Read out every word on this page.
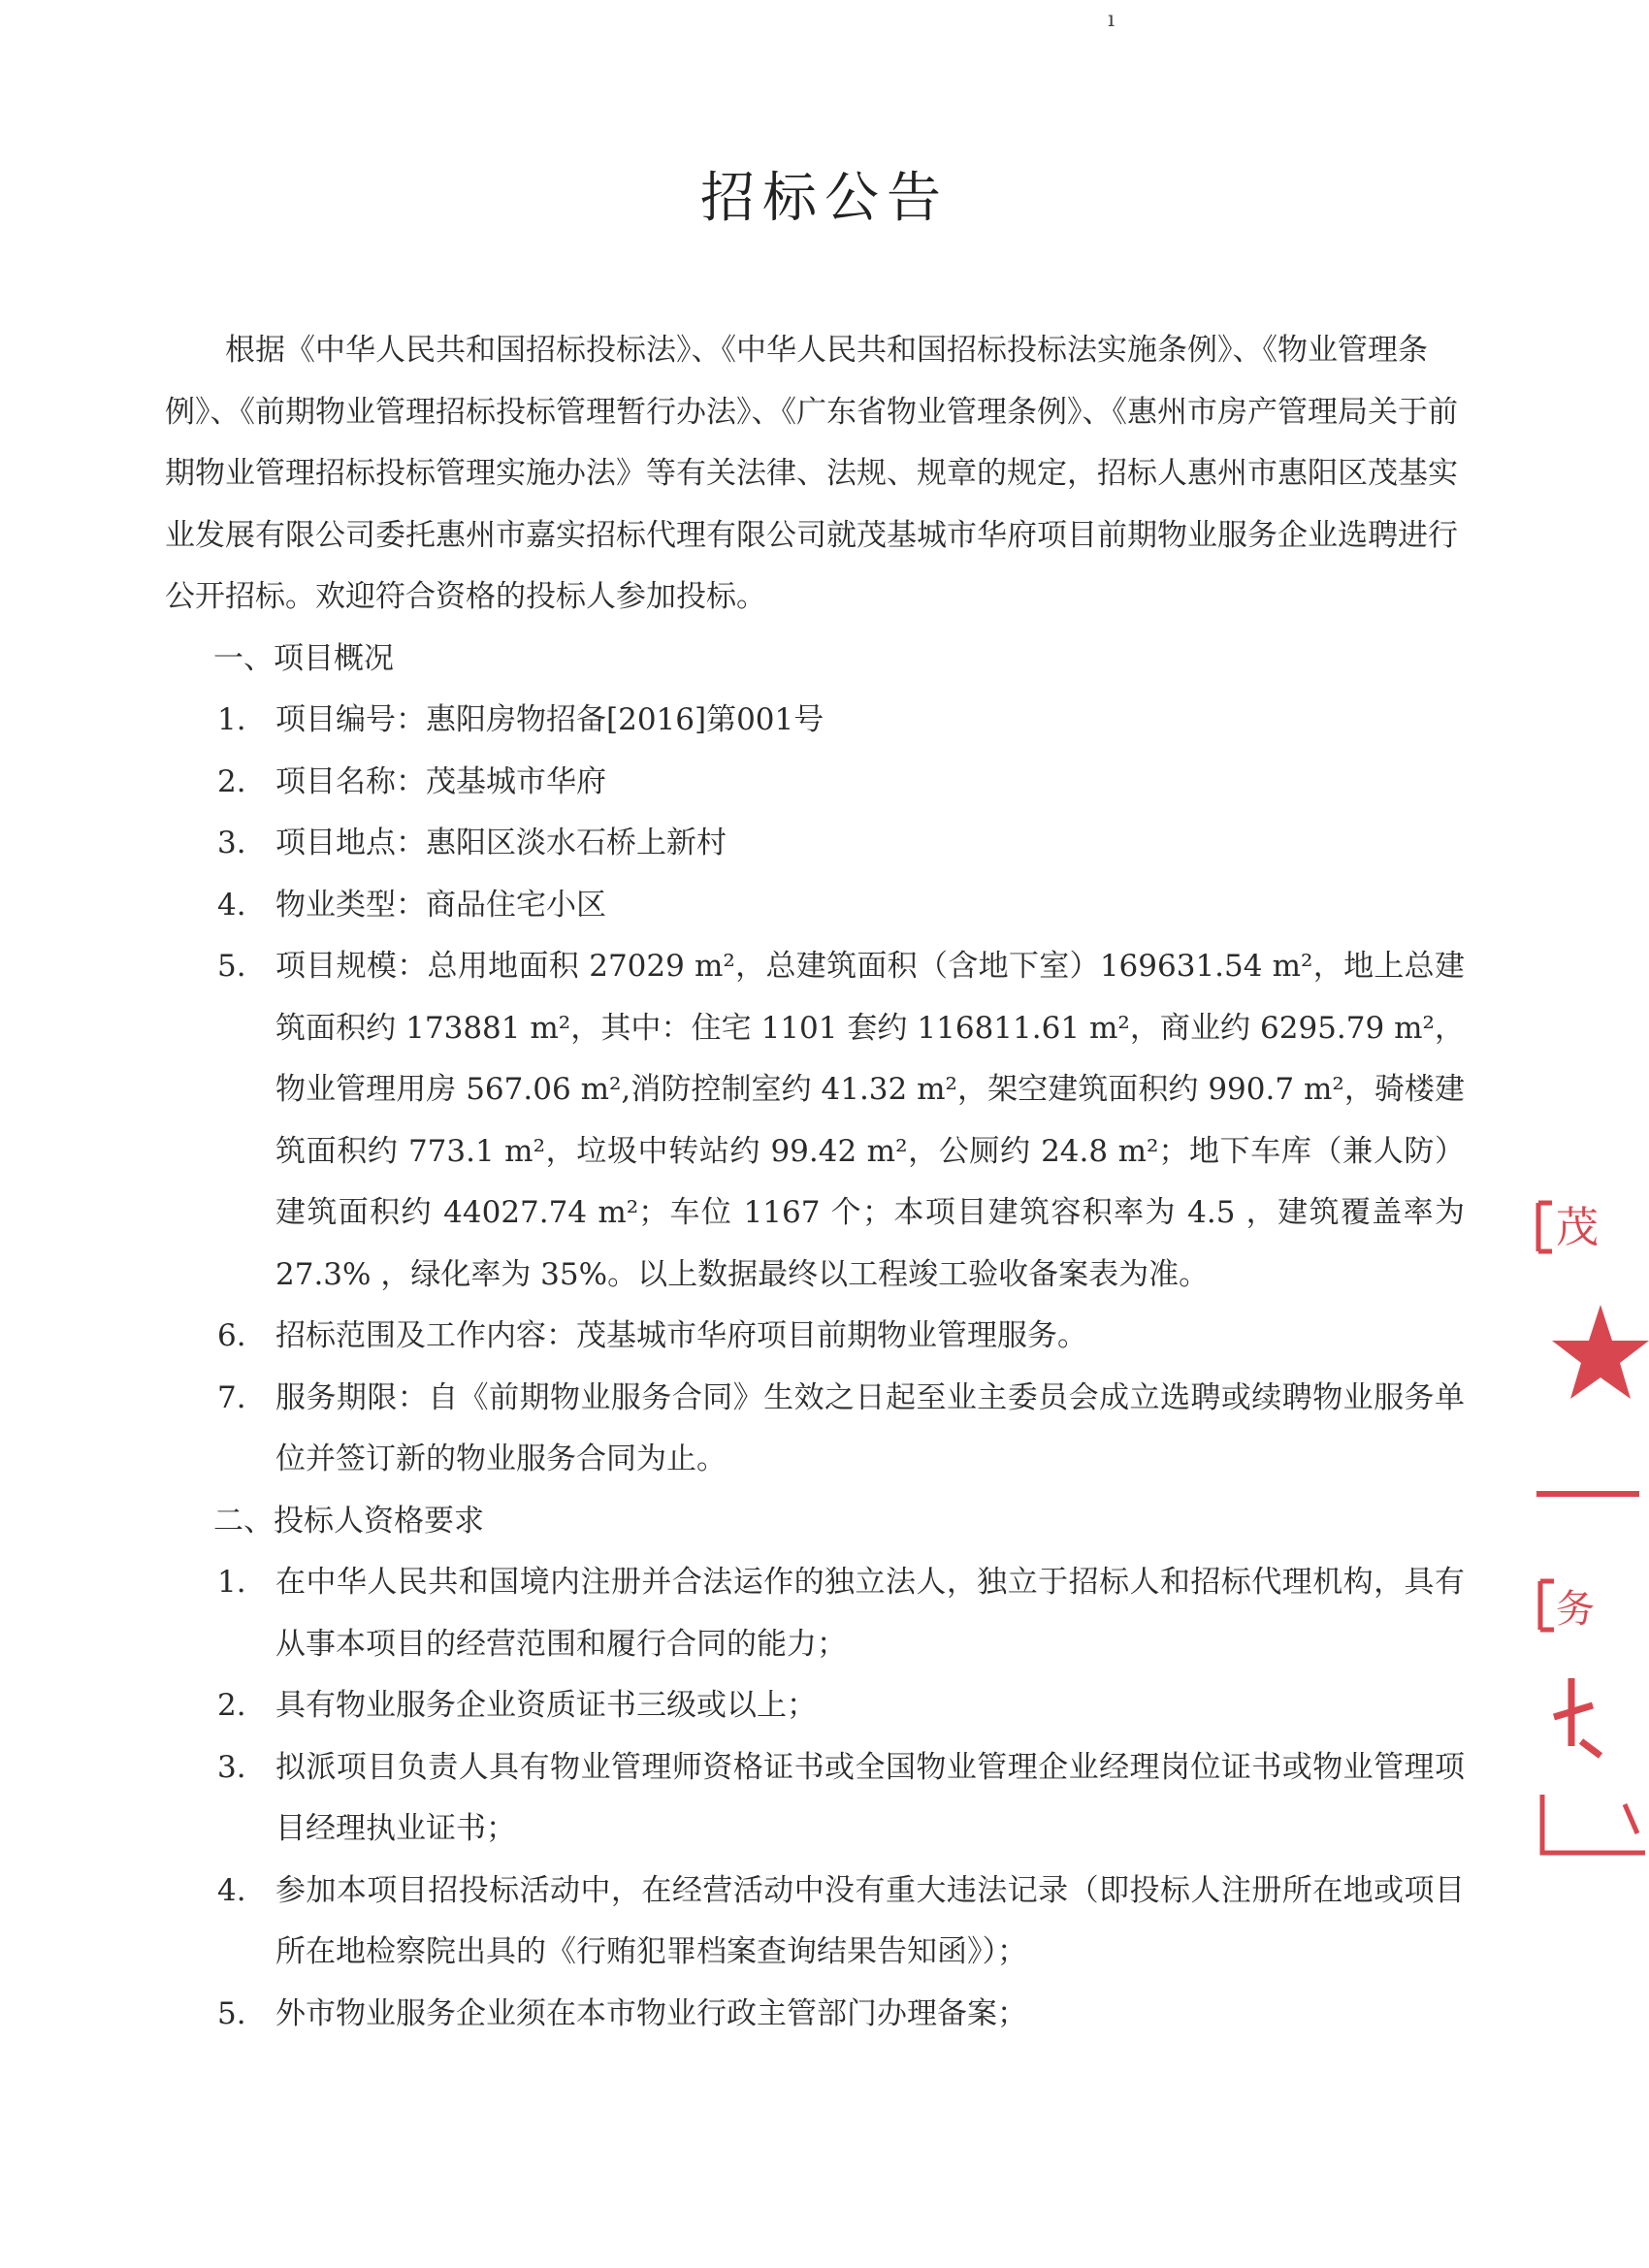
ı
招标公告

根据《中华人民共和国招标投标法》、《中华人民共和国招标投标法实施条例》、《物业管理条例》、《前期物业管理招标投标管理暂行办法》、《广东省物业管理条例》、《惠州市房产管理局关于前期物业管理招标投标管理实施办法》等有关法律、法规、规章的规定，招标人惠州市惠阳区茂基实业发展有限公司委托惠州市嘉实招标代理有限公司就茂基城市华府项目前期物业服务企业选聘进行公开招标。欢迎符合资格的投标人参加投标。

一、项目概况

1. 项目编号：惠阳房物招备[2016]第001号
2. 项目名称：茂基城市华府
3. 项目地点：惠阳区淡水石桥上新村
4. 物业类型：商品住宅小区
5. 项目规模：总用地面积 27029 m²，总建筑面积（含地下室）169631.54 m²，地上总建筑面积约 173881 m²，其中：住宅 1101 套约 116811.61 m²，商业约 6295.79 m²，物业管理用房 567.06 m²,消防控制室约 41.32 m²，架空建筑面积约 990.7 m²，骑楼建筑面积约 773.1 m²，垃圾中转站约 99.42 m²，公厕约 24.8 m²；地下车库（兼人防）建筑面积约 44027.74 m²；车位 1167 个；本项目建筑容积率为 4.5 ，建筑覆盖率为 27.3% ，绿化率为 35%。以上数据最终以工程竣工验收备案表为准。
6. 招标范围及工作内容：茂基城市华府项目前期物业管理服务。
7. 服务期限：自《前期物业服务合同》生效之日起至业主委员会成立选聘或续聘物业服务单位并签订新的物业服务合同为止。

二、投标人资格要求

1. 在中华人民共和国境内注册并合法运作的独立法人，独立于招标人和招标代理机构，具有从事本项目的经营范围和履行合同的能力；
2. 具有物业服务企业资质证书三级或以上；
3. 拟派项目负责人具有物业管理师资格证书或全国物业管理企业经理岗位证书或物业管理项目经理执业证书；
4. 参加本项目招投标活动中，在经营活动中没有重大违法记录（即投标人注册所在地或项目所在地检察院出具的《行贿犯罪档案查询结果告知函》）；
5. 外市物业服务企业须在本市物业行政主管部门办理备案；
茂
务
